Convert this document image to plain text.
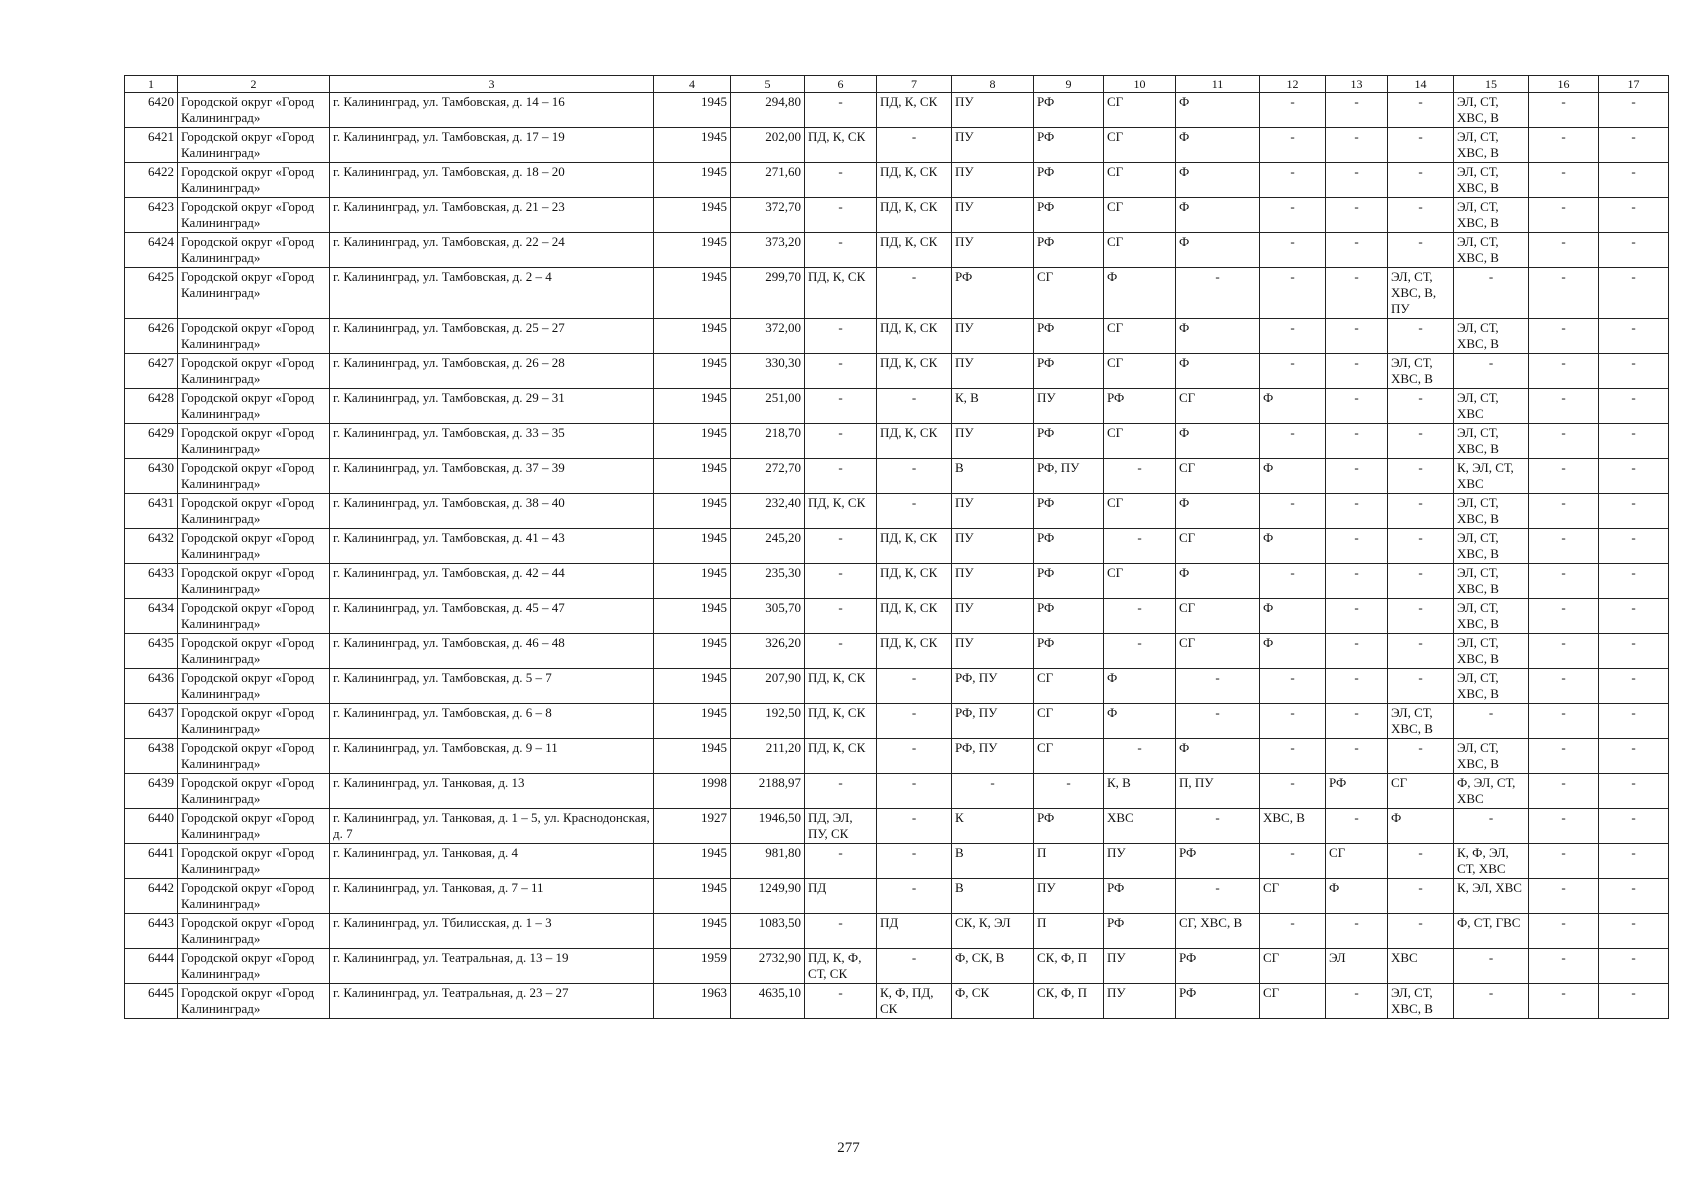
1	2	3	4	5	6	7	8	9	10	11	12	13	14	15	16	17
6420	Городской округ «Город Калининград»	г. Калининград, ул. Тамбовская, д. 14 – 16	1945	294,80	-	ПД, К, СК	ПУ	РФ	СГ	Ф	-	-	-	ЭЛ, СТ, ХВС, В	-	-
6421	Городской округ «Город Калининград»	г. Калининград, ул. Тамбовская, д. 17 – 19	1945	202,00	ПД, К, СК	-	ПУ	РФ	СГ	Ф	-	-	-	ЭЛ, СТ, ХВС, В	-	-
6422	Городской округ «Город Калининград»	г. Калининград, ул. Тамбовская, д. 18 – 20	1945	271,60	-	ПД, К, СК	ПУ	РФ	СГ	Ф	-	-	-	ЭЛ, СТ, ХВС, В	-	-
6423	Городской округ «Город Калининград»	г. Калининград, ул. Тамбовская, д. 21 – 23	1945	372,70	-	ПД, К, СК	ПУ	РФ	СГ	Ф	-	-	-	ЭЛ, СТ, ХВС, В	-	-
6424	Городской округ «Город Калининград»	г. Калининград, ул. Тамбовская, д. 22 – 24	1945	373,20	-	ПД, К, СК	ПУ	РФ	СГ	Ф	-	-	-	ЭЛ, СТ, ХВС, В	-	-
6425	Городской округ «Город Калининград»	г. Калининград, ул. Тамбовская, д. 2 – 4	1945	299,70	ПД, К, СК	-	РФ	СГ	Ф	-	-	-	ЭЛ, СТ, ХВС, В, ПУ	-	-	-
6426	Городской округ «Город Калининград»	г. Калининград, ул. Тамбовская, д. 25 – 27	1945	372,00	-	ПД, К, СК	ПУ	РФ	СГ	Ф	-	-	-	ЭЛ, СТ, ХВС, В	-	-
6427	Городской округ «Город Калининград»	г. Калининград, ул. Тамбовская, д. 26 – 28	1945	330,30	-	ПД, К, СК	ПУ	РФ	СГ	Ф	-	-	ЭЛ, СТ, ХВС, В	-	-	-
6428	Городской округ «Город Калининград»	г. Калининград, ул. Тамбовская, д. 29 – 31	1945	251,00	-	-	К, В	ПУ	РФ	СГ	Ф	-	-	ЭЛ, СТ, ХВС	-	-
6429	Городской округ «Город Калининград»	г. Калининград, ул. Тамбовская, д. 33 – 35	1945	218,70	-	ПД, К, СК	ПУ	РФ	СГ	Ф	-	-	-	ЭЛ, СТ, ХВС, В	-	-
6430	Городской округ «Город Калининград»	г. Калининград, ул. Тамбовская, д. 37 – 39	1945	272,70	-	-	В	РФ, ПУ	-	СГ	Ф	-	-	К, ЭЛ, СТ, ХВС	-	-
6431	Городской округ «Город Калининград»	г. Калининград, ул. Тамбовская, д. 38 – 40	1945	232,40	ПД, К, СК	-	ПУ	РФ	СГ	Ф	-	-	-	ЭЛ, СТ, ХВС, В	-	-
6432	Городской округ «Город Калининград»	г. Калининград, ул. Тамбовская, д. 41 – 43	1945	245,20	-	ПД, К, СК	ПУ	РФ	-	СГ	Ф	-	-	ЭЛ, СТ, ХВС, В	-	-
6433	Городской округ «Город Калининград»	г. Калининград, ул. Тамбовская, д. 42 – 44	1945	235,30	-	ПД, К, СК	ПУ	РФ	СГ	Ф	-	-	-	ЭЛ, СТ, ХВС, В	-	-
6434	Городской округ «Город Калининград»	г. Калининград, ул. Тамбовская, д. 45 – 47	1945	305,70	-	ПД, К, СК	ПУ	РФ	-	СГ	Ф	-	-	ЭЛ, СТ, ХВС, В	-	-
6435	Городской округ «Город Калининград»	г. Калининград, ул. Тамбовская, д. 46 – 48	1945	326,20	-	ПД, К, СК	ПУ	РФ	-	СГ	Ф	-	-	ЭЛ, СТ, ХВС, В	-	-
6436	Городской округ «Город Калининград»	г. Калининград, ул. Тамбовская, д. 5 – 7	1945	207,90	ПД, К, СК	-	РФ, ПУ	СГ	Ф	-	-	-	-	ЭЛ, СТ, ХВС, В	-	-
6437	Городской округ «Город Калининград»	г. Калининград, ул. Тамбовская, д. 6 – 8	1945	192,50	ПД, К, СК	-	РФ, ПУ	СГ	Ф	-	-	-	ЭЛ, СТ, ХВС, В	-	-	-
6438	Городской округ «Город Калининград»	г. Калининград, ул. Тамбовская, д. 9 – 11	1945	211,20	ПД, К, СК	-	РФ, ПУ	СГ	-	Ф	-	-	-	ЭЛ, СТ, ХВС, В	-	-
6439	Городской округ «Город Калининград»	г. Калининград, ул. Танковая, д. 13	1998	2188,97	-	-	-	-	К, В	П, ПУ	-	РФ	СГ	Ф, ЭЛ, СТ, ХВС	-	-
6440	Городской округ «Город Калининград»	г. Калининград, ул. Танковая, д. 1 – 5, ул. Краснодонская, д. 7	1927	1946,50	ПД, ЭЛ, ПУ, СК	-	К	РФ	ХВС	-	ХВС, В	-	Ф	-	-	-
6441	Городской округ «Город Калининград»	г. Калининград, ул. Танковая, д. 4	1945	981,80	-	-	В	П	ПУ	РФ	-	СГ	-	К, Ф, ЭЛ, СТ, ХВС	-	-
6442	Городской округ «Город Калининград»	г. Калининград, ул. Танковая, д. 7 – 11	1945	1249,90	ПД	-	В	ПУ	РФ	-	СГ	Ф	-	К, ЭЛ, ХВС	-	-
6443	Городской округ «Город Калининград»	г. Калининград, ул. Тбилисская, д. 1 – 3	1945	1083,50	-	ПД	СК, К, ЭЛ	П	РФ	СГ, ХВС, В	-	-	-	Ф, СТ, ГВС	-	-
6444	Городской округ «Город Калининград»	г. Калининград, ул. Театральная, д. 13 – 19	1959	2732,90	ПД, К, Ф, СТ, СК	-	Ф, СК, В	СК, Ф, П	ПУ	РФ	СГ	ЭЛ	ХВС	-	-	-
6445	Городской округ «Город Калининград»	г. Калининград, ул. Театральная, д. 23 – 27	1963	4635,10	-	К, Ф, ПД, СК	Ф, СК	СК, Ф, П	ПУ	РФ	СГ	-	ЭЛ, СТ, ХВС, В	-	-	-
277
